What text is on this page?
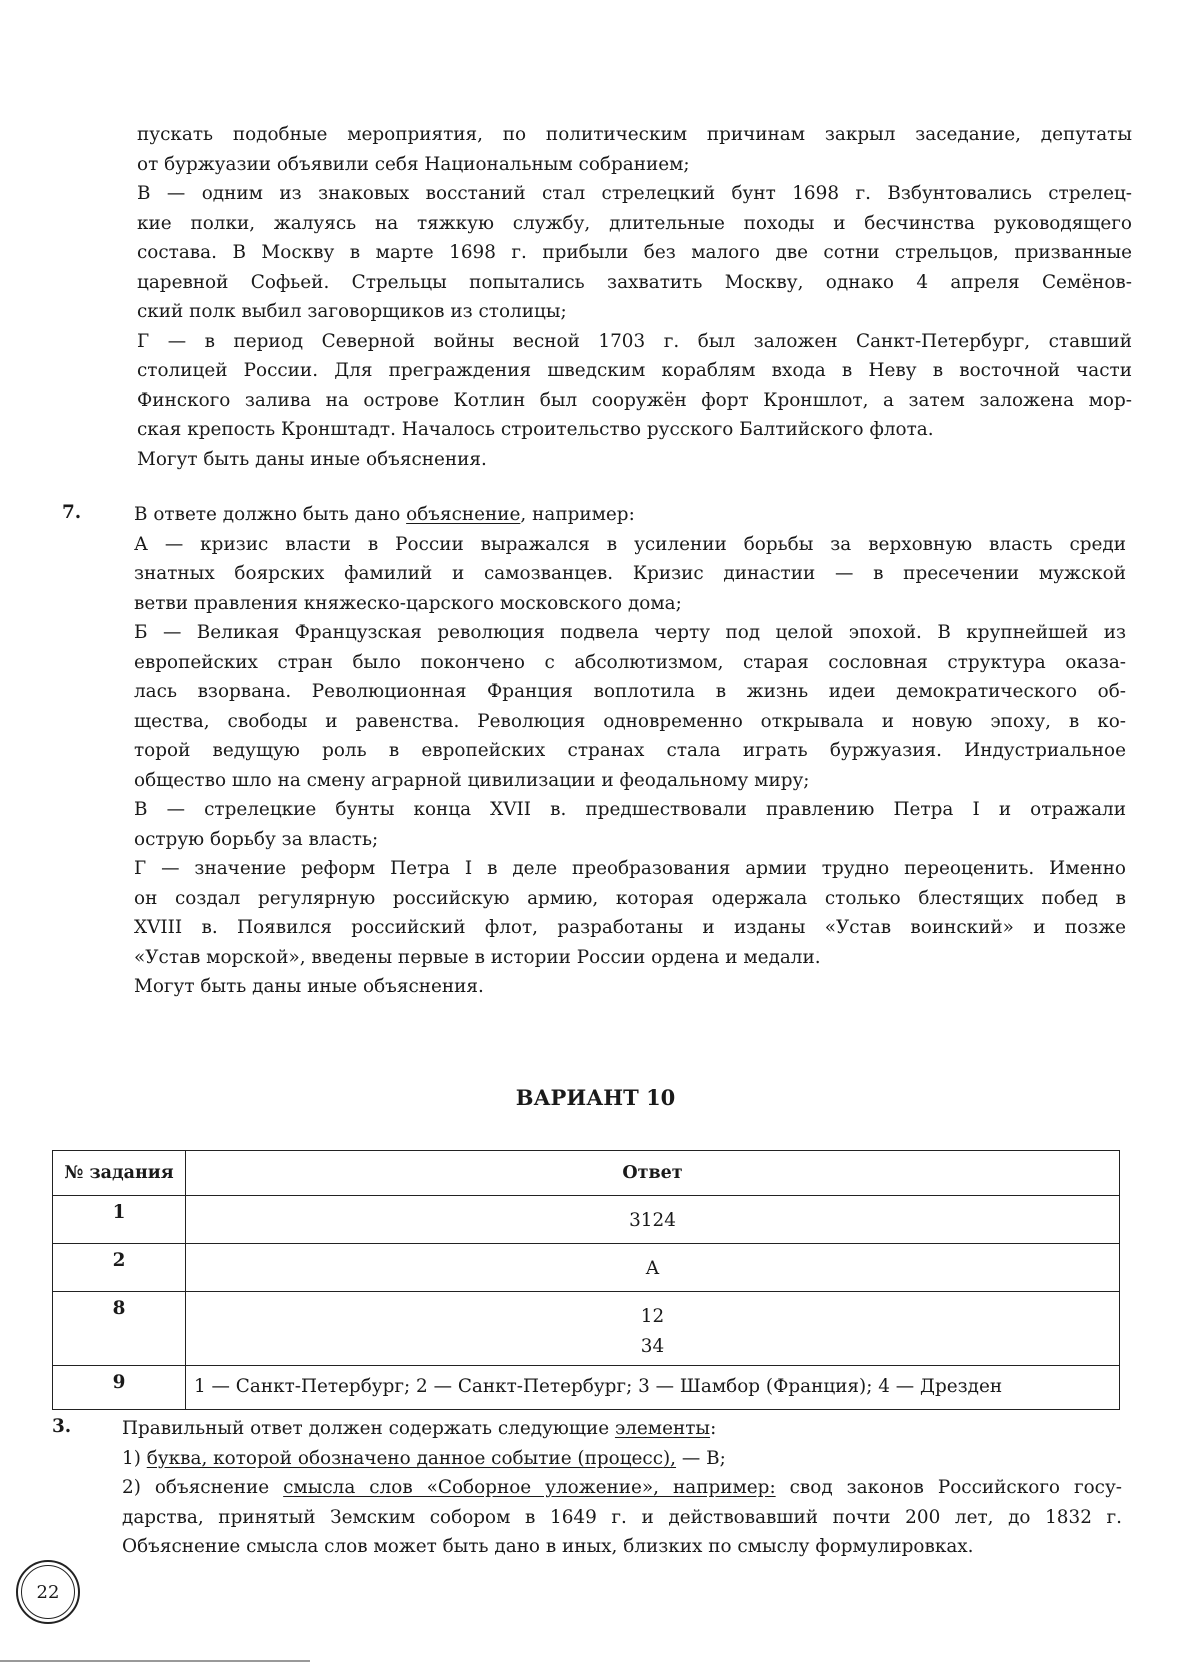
пускать подобные мероприятия, по политическим причинам закрыл заседание, депутаты

от буржуазии объявили себя Национальным собранием;

В — одним из знаковых восстаний стал стрелецкий бунт 1698 г. Взбунтовались стрелец-

кие полки, жалуясь на тяжкую службу, длительные походы и бесчинства руководящего

состава. В Москву в марте 1698 г. прибыли без малого две сотни стрельцов, призванные

царевной Софьей. Стрельцы попытались захватить Москву, однако 4 апреля Семёнов-

ский полк выбил заговорщиков из столицы;

Г — в период Северной войны весной 1703 г. был заложен Санкт-Петербург, ставший

столицей России. Для преграждения шведским кораблям входа в Неву в восточной части

Финского залива на острове Котлин был сооружён форт Кроншлот, а затем заложена мор-

ская крепость Кронштадт. Началось строительство русского Балтийского флота.

Могут быть даны иные объяснения.

7.	В ответе должно быть дано объяснение, например:

А — кризис власти в России выражался в усилении борьбы за верховную власть среди

знатных боярских фамилий и самозванцев. Кризис династии — в пресечении мужской

ветви правления княжеско-царского московского дома;

Б — Великая Французская революция подвела черту под целой эпохой. В крупнейшей из

европейских стран было покончено с абсолютизмом, старая сословная структура оказа-

лась взорвана. Революционная Франция воплотила в жизнь идеи демократического об-

щества, свободы и равенства. Революция одновременно открывала и новую эпоху, в ко-

торой ведущую роль в европейских странах стала играть буржуазия. Индустриальное

общество шло на смену аграрной цивилизации и феодальному миру;

В — стрелецкие бунты конца XVII в. предшествовали правлению Петра I и отражали

острую борьбу за власть;

Г — значение реформ Петра I в деле преобразования армии трудно переоценить. Именно

он создал регулярную российскую армию, которая одержала столько блестящих побед в

XVIII в. Появился российский флот, разработаны и изданы «Устав воинский» и позже

«Устав морской», введены первые в истории России ордена и медали.

Могут быть даны иные объяснения.

ВАРИАНТ 10
№ задания	Ответ
1	3124

2	А

8	12
34

9	1 — Санкт-Петербург; 2 — Санкт-Петербург; 3 — Шамбор (Франция); 4 — Дрезден
3.	Правильный ответ должен содержать следующие элементы:

1) буква, которой обозначено данное событие (процесс), — В;

2) объяснение смысла слов «Соборное уложение», например: свод законов Российского госу-

дарства, принятый Земским собором в 1649 г. и действовавший почти 200 лет, до 1832 г.

Объяснение смысла слов может быть дано в иных, близких по смыслу формулировках.

22
